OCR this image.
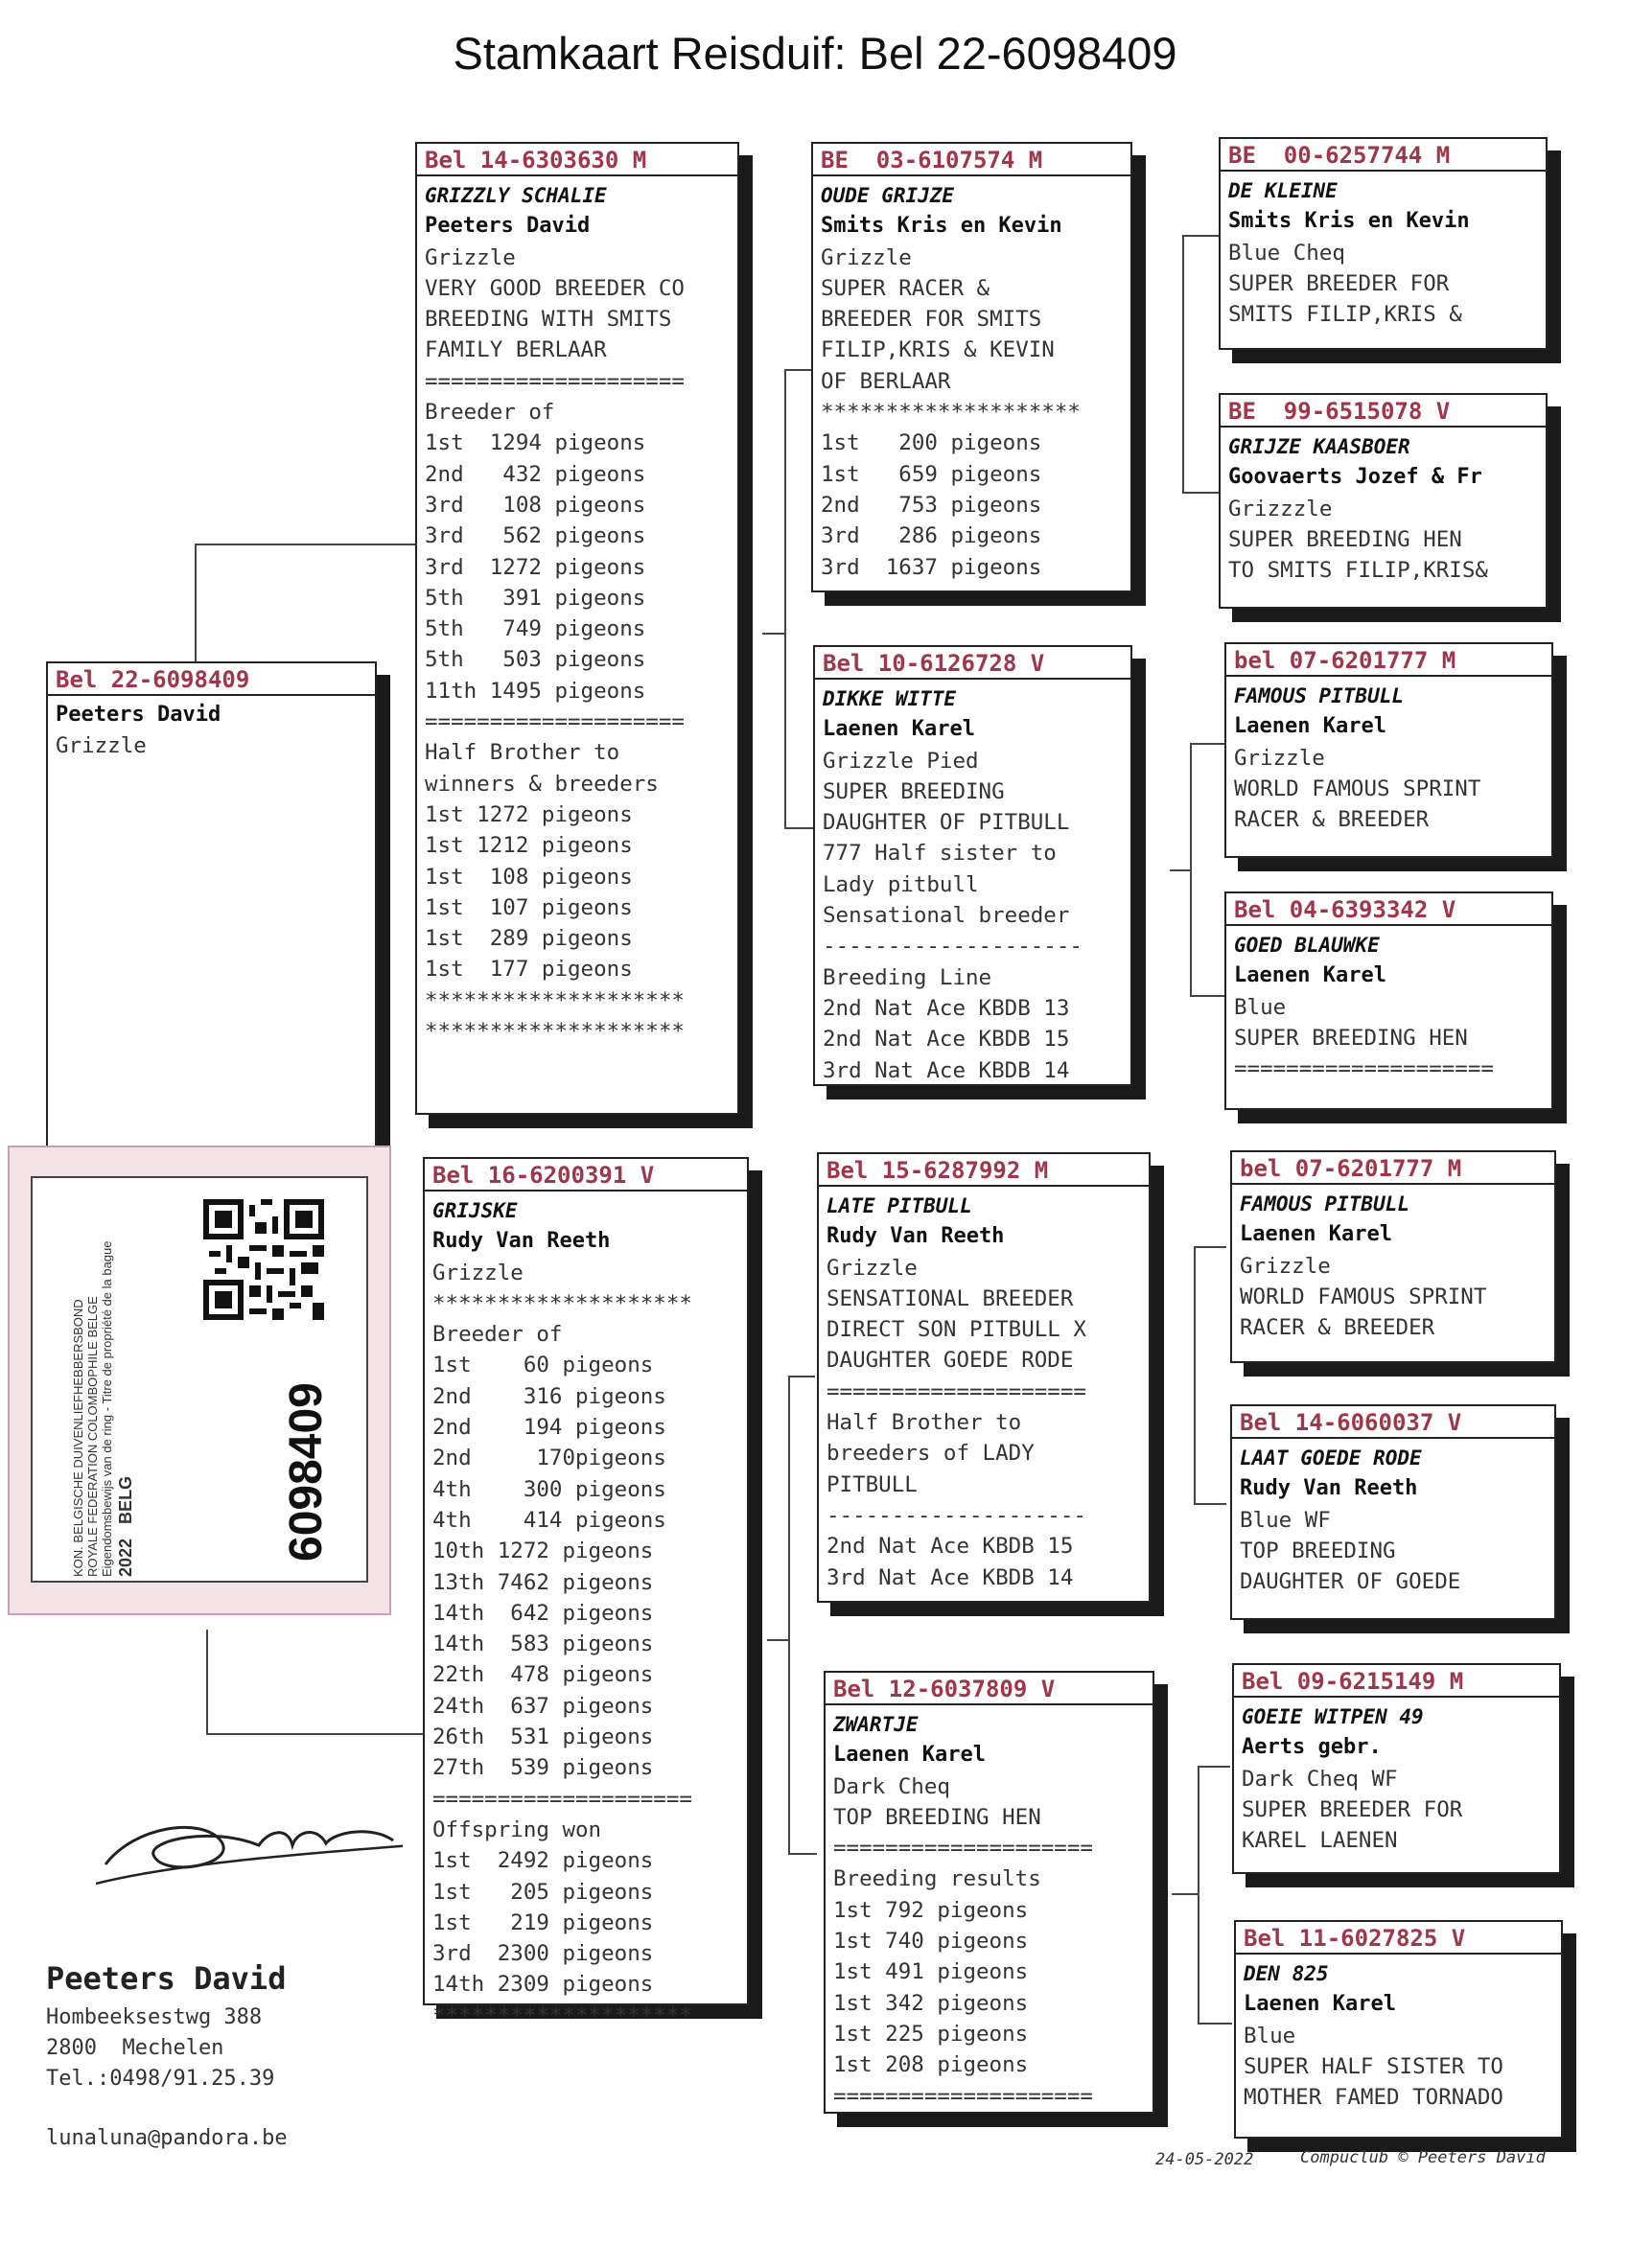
Stamkaart Reisduif: Bel 22-6098409
Bel 22-6098409
Peeters David
Grizzle
Bel 14-6303630 M
GRIZZLY SCHALIE
Peeters David
Grizzle
VERY GOOD BREEDER CO
BREEDING WITH SMITS
FAMILY BERLAAR
====================
Breeder of
1st  1294 pigeons
2nd   432 pigeons
3rd   108 pigeons
3rd   562 pigeons
3rd  1272 pigeons
5th   391 pigeons
5th   749 pigeons
5th   503 pigeons
11th 1495 pigeons
====================
Half Brother to
winners & breeders
1st 1272 pigeons
1st 1212 pigeons
1st  108 pigeons
1st  107 pigeons
1st  289 pigeons
1st  177 pigeons
********************
********************
Bel 16-6200391 V
GRIJSKE
Rudy Van Reeth
Grizzle
********************
Breeder of
1st    60 pigeons
2nd    316 pigeons
2nd    194 pigeons
2nd     170pigeons
4th    300 pigeons
4th    414 pigeons
10th 1272 pigeons
13th 7462 pigeons
14th  642 pigeons
14th  583 pigeons
22th  478 pigeons
24th  637 pigeons
26th  531 pigeons
27th  539 pigeons
====================
Offspring won
1st  2492 pigeons
1st   205 pigeons
1st   219 pigeons
3rd  2300 pigeons
14th 2309 pigeons
********************
BE  03-6107574 M
OUDE GRIJZE
Smits Kris en Kevin
Grizzle
SUPER RACER &
BREEDER FOR SMITS
FILIP,KRIS & KEVIN
OF BERLAAR
********************
1st   200 pigeons
1st   659 pigeons
2nd   753 pigeons
3rd   286 pigeons
3rd  1637 pigeons
Bel 10-6126728 V
DIKKE WITTE
Laenen Karel
Grizzle Pied
SUPER BREEDING
DAUGHTER OF PITBULL
777 Half sister to
Lady pitbull
Sensational breeder
--------------------
Breeding Line
2nd Nat Ace KBDB 13
2nd Nat Ace KBDB 15
3rd Nat Ace KBDB 14
Bel 15-6287992 M
LATE PITBULL
Rudy Van Reeth
Grizzle
SENSATIONAL BREEDER
DIRECT SON PITBULL X
DAUGHTER GOEDE RODE
====================
Half Brother to
breeders of LADY
PITBULL
--------------------
2nd Nat Ace KBDB 15
3rd Nat Ace KBDB 14
Bel 12-6037809 V
ZWARTJE
Laenen Karel
Dark Cheq
TOP BREEDING HEN
====================
Breeding results
1st 792 pigeons
1st 740 pigeons
1st 491 pigeons
1st 342 pigeons
1st 225 pigeons
1st 208 pigeons
====================
BE  00-6257744 M
DE KLEINE
Smits Kris en Kevin
Blue Cheq
SUPER BREEDER FOR
SMITS FILIP,KRIS &
BE  99-6515078 V
GRIJZE KAASBOER
Goovaerts Jozef & Fr
Grizzzle
SUPER BREEDING HEN
TO SMITS FILIP,KRIS&
bel 07-6201777 M
FAMOUS PITBULL
Laenen Karel
Grizzle
WORLD FAMOUS SPRINT
RACER & BREEDER
Bel 04-6393342 V
GOED BLAUWKE
Laenen Karel
Blue
SUPER BREEDING HEN
====================
bel 07-6201777 M
FAMOUS PITBULL
Laenen Karel
Grizzle
WORLD FAMOUS SPRINT
RACER & BREEDER
Bel 14-6060037 V
LAAT GOEDE RODE
Rudy Van Reeth
Blue WF
TOP BREEDING
DAUGHTER OF GOEDE
Bel 09-6215149 M
GOEIE WITPEN 49
Aerts gebr.
Dark Cheq WF
SUPER BREEDER FOR
KAREL LAENEN
Bel 11-6027825 V
DEN 825
Laenen Karel
Blue
SUPER HALF SISTER TO
MOTHER FAMED TORNADO
KON. BELGISCHE DUIVENLIEFHEBBERSBOND ROYALE FEDERATION COLOMBOPHILE BELGE Eigendomsbewijs van de ring - Titre de propriété de la bague 2022   BELG	6098409
Peeters David
Hombeeksestwg 388
2800  Mechelen
Tel.:0498/91.25.39
lunaluna@pandora.be
24-05-2022	Compuclub © Peeters David
